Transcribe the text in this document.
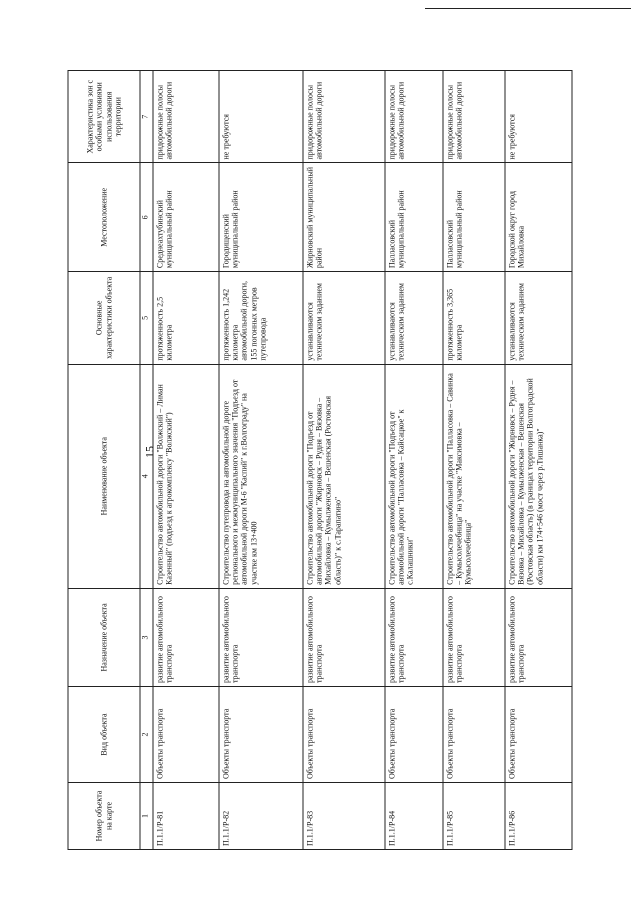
15
Номер объекта на карте	Вид объекта	Назначение объекта	Наименование объекта	Основные характеристики объекта	Местоположение	Характеристика зон с особыми условиями использования территории
1	2	3	4	5	6	7
П.1.1/Р-81	Объекты транспорта	развитие автомобильного транспорта	Строительство автомобильной дороги "Волжский – Лиман Казенный" (подъезд к агрокомплексу "Волжский")	протяженность 2,5 километра	Среднеахтубинский муниципальный район	придорожные полосы автомобильной дороги
П.1.1/Р-82	Объекты транспорта	развитие автомобильного транспорта	Строительство путепровода на автомобильной дороге регионального и межмуниципального значения "Подъезд от автомобильной дороги М-6 "Каспий" к г.Волгограду" на участке км 13+400	протяженность 1,242 километра автомобильной дороги, 155 погонных метров путепровода	Городищенский муниципальный район	не требуются
П.1.1/Р-83	Объекты транспорта	развитие автомобильного транспорта	Строительство автомобильной дороги "Подъезд от автомобильной дороги "Жирновск – Рудня – Вязовка – Михайловка – Кумылженская – Вешенская (Ростовская область)" к с.Тарапатино"	устанавливаются техническим заданием	Жирновский муниципальный район	придорожные полосы автомобильной дороги
П.1.1/Р-84	Объекты транспорта	развитие автомобильного транспорта	Строительство автомобильной дороги "Подъезд от автомобильной дороги "Палласовка – Кайсацкое" к с.Калашники"	устанавливаются техническим заданием	Палласовский муниципальный район	придорожные полосы автомобильной дороги
П.1.1/Р-85	Объекты транспорта	развитие автомобильного транспорта	Строительство автомобильной дороги "Палласовка – Савинка – Кумысолечебница" на участке "Максимовка – Кумысолечебница"	протяженность 3,365 километра	Палласовский муниципальный район	придорожные полосы автомобильной дороги
П.1.1/Р-86	Объекты транспорта	развитие автомобильного транспорта	Строительство автомобильной дороги "Жирновск – Рудня – Вязовка – Михайловка – Кумылженская – Вешенская (Ростовская область) (в границах территории Волгоградской области) км 174+546 (мост через р.Тишанка)"	устанавливаются техническим заданием	Городской округ город Михайловка	не требуются
